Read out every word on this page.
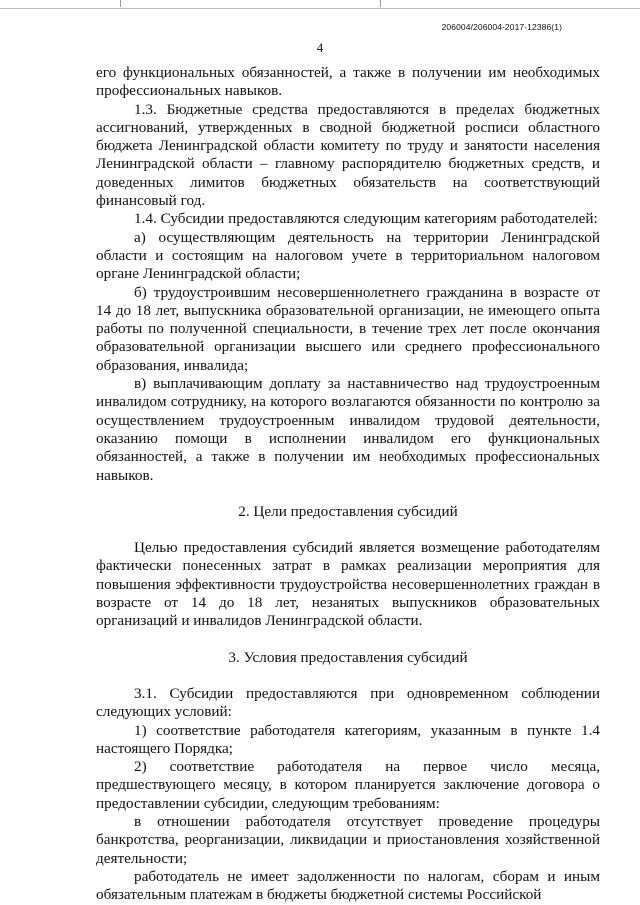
206004/206004-2017-12386(1)
4

его функциональных обязанностей, а также в получении им необходимых профессиональных навыков.

1.3. Бюджетные средства предоставляются в пределах бюджетных ассигнований, утвержденных в сводной бюджетной росписи областного бюджета Ленинградской области комитету по труду и занятости населения Ленинградской области – главному распорядителю бюджетных средств, и доведенных лимитов бюджетных обязательств на соответствующий финансовый год.

1.4. Субсидии предоставляются следующим категориям работодателей:

а) осуществляющим деятельность на территории Ленинградской области и состоящим на налоговом учете в территориальном налоговом органе Ленинградской области;

б) трудоустроившим несовершеннолетнего гражданина в возрасте от 14 до 18 лет, выпускника образовательной организации, не имеющего опыта работы по полученной специальности, в течение трех лет после окончания образовательной организации высшего или среднего профессионального образования, инвалида;

в) выплачивающим доплату за наставничество над трудоустроенным инвалидом сотруднику, на которого возлагаются обязанности по контролю за осуществлением трудоустроенным инвалидом трудовой деятельности, оказанию помощи в исполнении инвалидом его функциональных обязанностей, а также в получении им необходимых профессиональных навыков.

2. Цели предоставления субсидий

Целью предоставления субсидий является возмещение работодателям фактически понесенных затрат в рамках реализации мероприятия для повышения эффективности трудоустройства несовершеннолетних граждан в возрасте от 14 до 18 лет, незанятых выпускников образовательных организаций и инвалидов Ленинградской области.

3. Условия предоставления субсидий

3.1. Субсидии предоставляются при одновременном соблюдении следующих условий:

1) соответствие работодателя категориям, указанным в пункте 1.4 настоящего Порядка;

2) соответствие работодателя на первое число месяца, предшествующего месяцу, в котором планируется заключение договора о предоставлении субсидии, следующим требованиям:

в отношении работодателя отсутствует проведение процедуры банкротства, реорганизации, ликвидации и приостановления хозяйственной деятельности;

работодатель не имеет задолженности по налогам, сборам и иным обязательным платежам в бюджеты бюджетной системы Российской
